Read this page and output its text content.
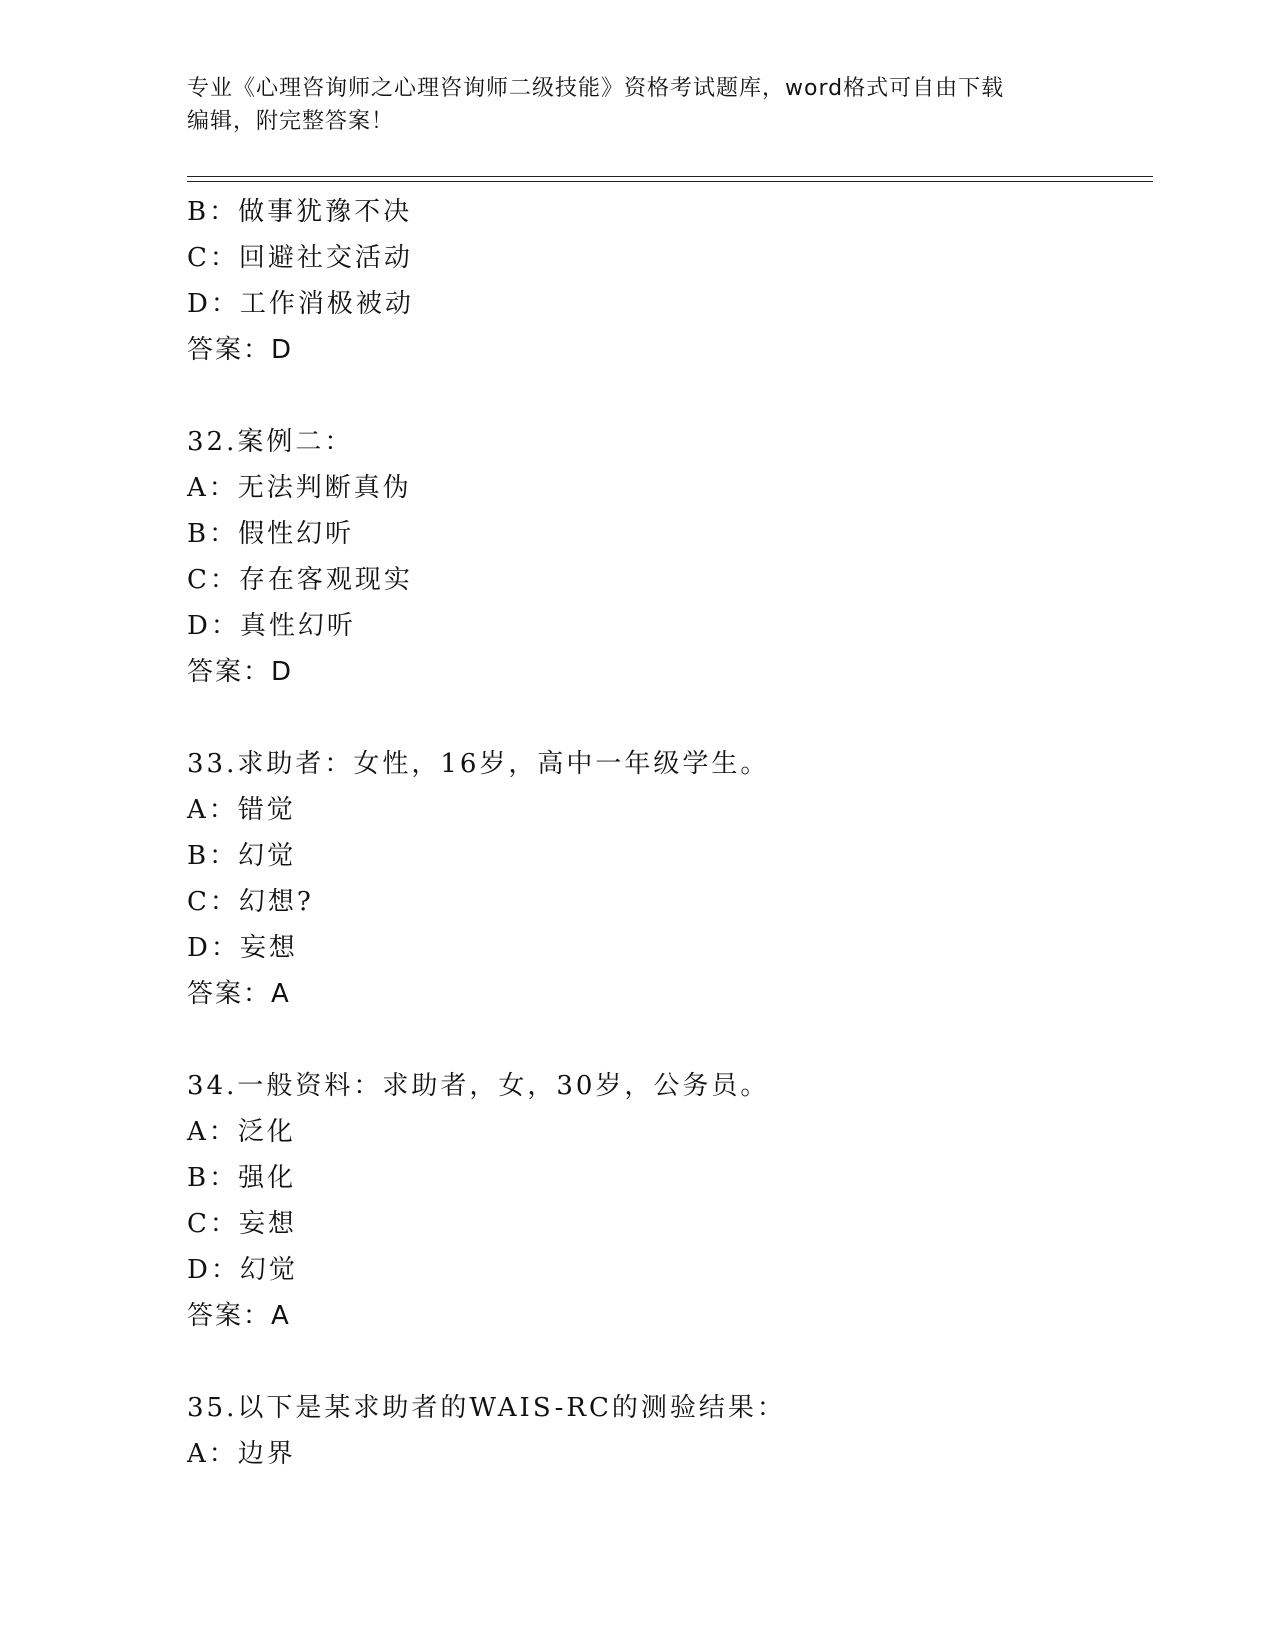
专业《心理咨询师之心理咨询师二级技能》资格考试题库，word格式可自由下载
编辑，附完整答案！
B：做事犹豫不决
C：回避社交活动
D：工作消极被动
答案：D
32.案例二：
A：无法判断真伪
B：假性幻听
C：存在客观现实
D：真性幻听
答案：D
33.求助者：女性，16岁，高中一年级学生。
A：错觉
B：幻觉
C：幻想?
D：妄想
答案：A
34.一般资料：求助者，女，30岁，公务员。
A：泛化
B：强化
C：妄想
D：幻觉
答案：A
35.以下是某求助者的WAIS-RC的测验结果：
A：边界
